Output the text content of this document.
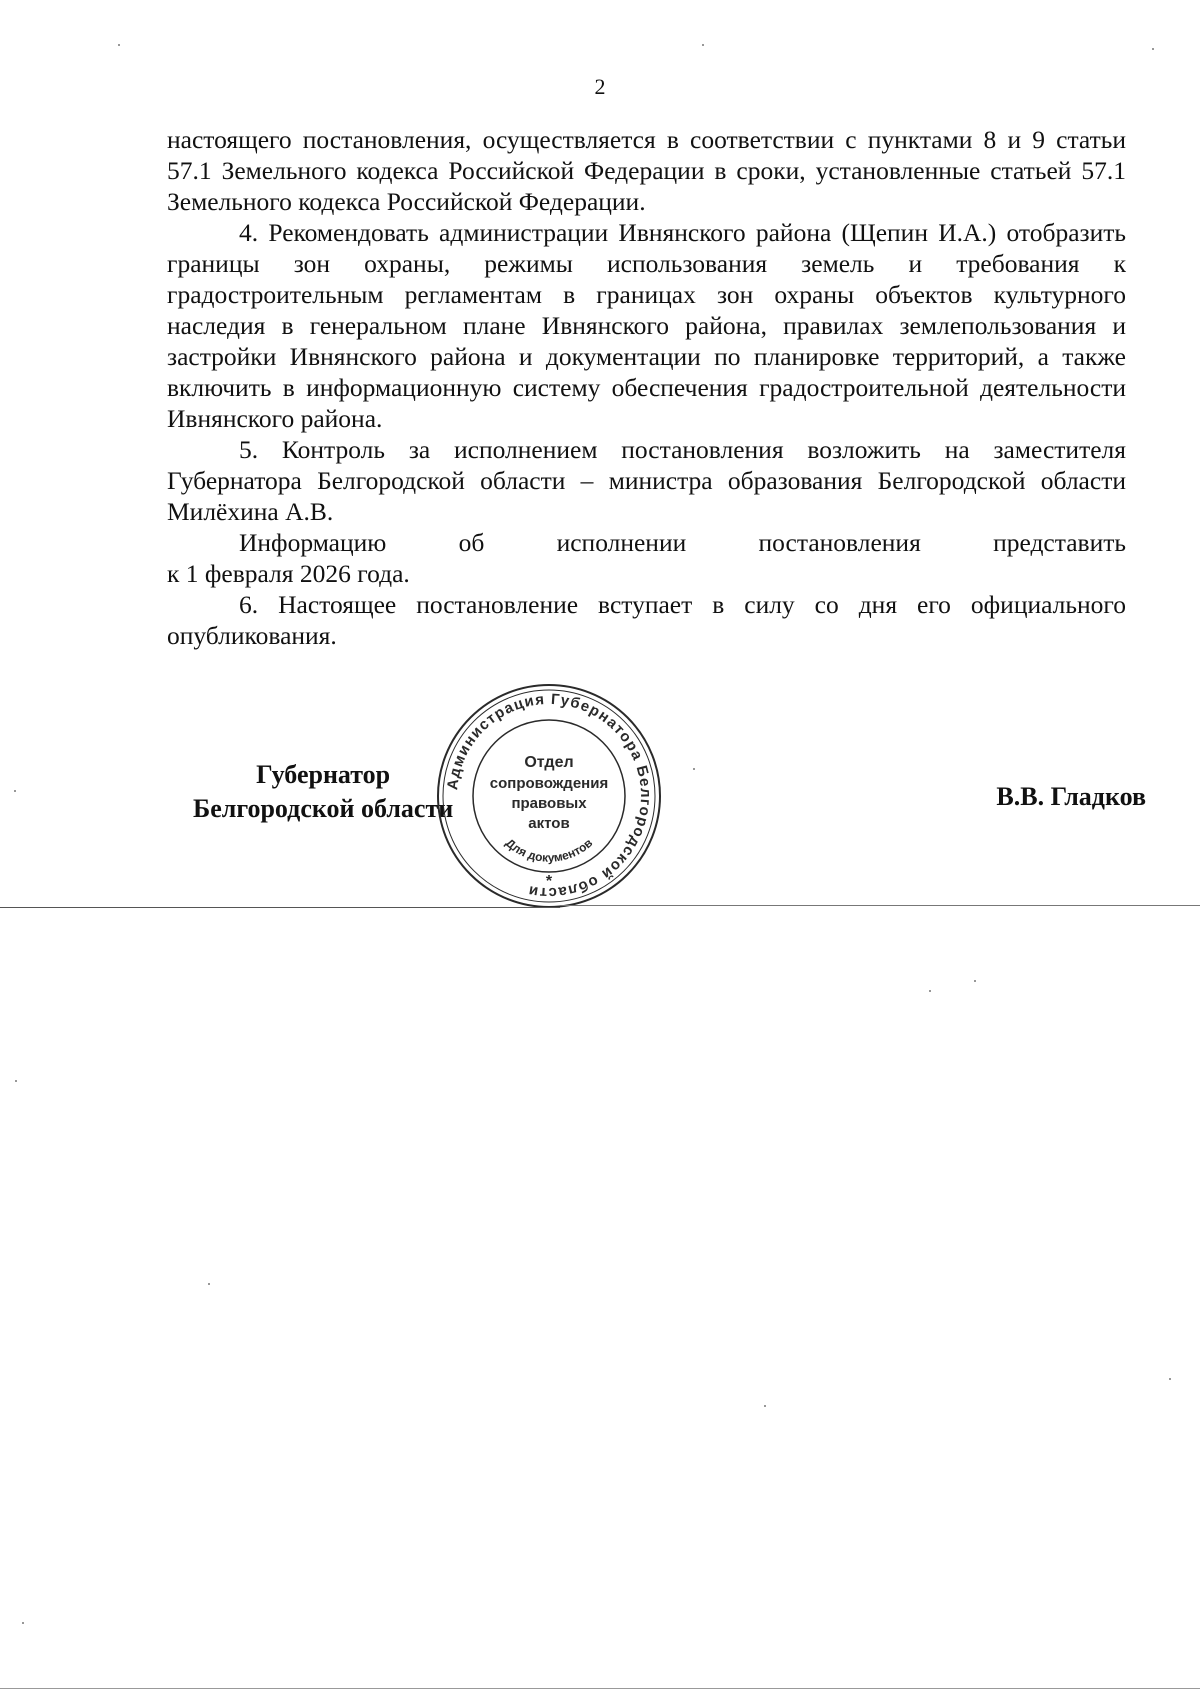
2

настоящего постановления, осуществляется в соответствии с пунктами 8 и 9 статьи 57.1 Земельного кодекса Российской Федерации в сроки, установленные статьей 57.1 Земельного кодекса Российской Федерации.

4. Рекомендовать администрации Ивнянского района (Щепин И.А.) отобразить границы зон охраны, режимы использования земель и требования к градостроительным регламентам в границах зон охраны объектов культурного наследия в генеральном плане Ивнянского района, правилах землепользования и застройки Ивнянского района и документации по планировке территорий, а также включить в информационную систему обеспечения градостроительной деятельности Ивнянского района.

5. Контроль за исполнением постановления возложить на заместителя Губернатора Белгородской области – министра образования Белгородской области Милёхина А.В.

Информацию об исполнении постановления представить

к 1 февраля 2026 года.

6. Настоящее постановление вступает в силу со дня его официального опубликования.

Губернатор
Белгородской области	В.В. Гладков
Администрация Губернатора Белгородской области
Отдел
сопровождения
правовых
актов
Для документов
*
